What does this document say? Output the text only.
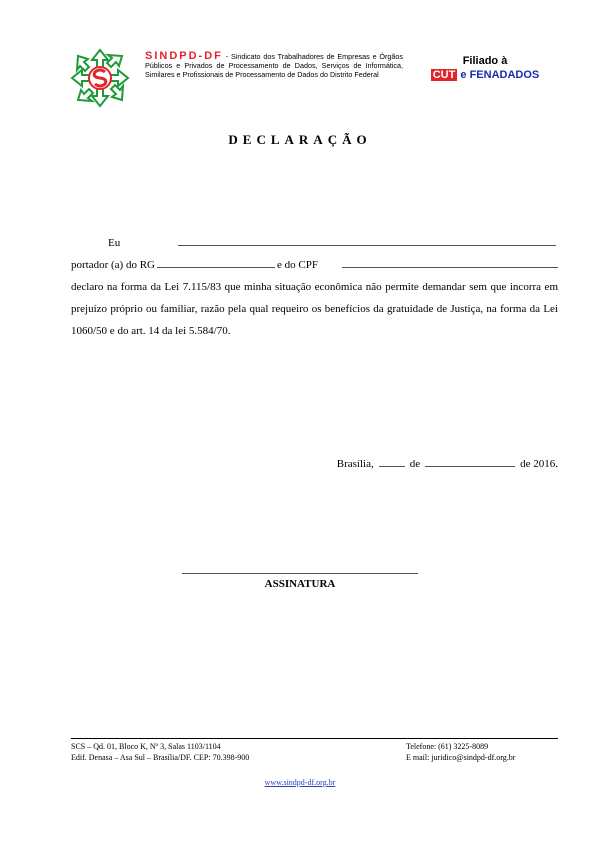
SINDPD-DF - Sindicato dos Trabalhadores de Empresas e Órgãos Públicos e Privados de Processamento de Dados, Serviços de Informática, Similares e Profissionais de Processamento de Dados do Distrito Federal
Filiado à
CUT e FENADADOS
DECLARAÇÃO
Eu
portador (a) do RG	e do CPF
declaro na forma da Lei 7.115/83 que minha situação econômica não permite demandar sem que incorra em prejuízo próprio ou familiar, razão pela qual requeiro os benefícios da gratuidade de Justiça, na forma da Lei 1060/50 e do art. 14 da lei 5.584/70.
Brasília,	de	de 2016.
ASSINATURA
SCS – Qd. 01, Bloco K, Nº 3, Salas 1103/1104	Telefone: (61) 3225-8089
Edif. Denasa – Asa Sul – Brasília/DF. CEP: 70.398-900	E mail: juridico@sindpd-df.org.br
www.sindpd-df.org.br
